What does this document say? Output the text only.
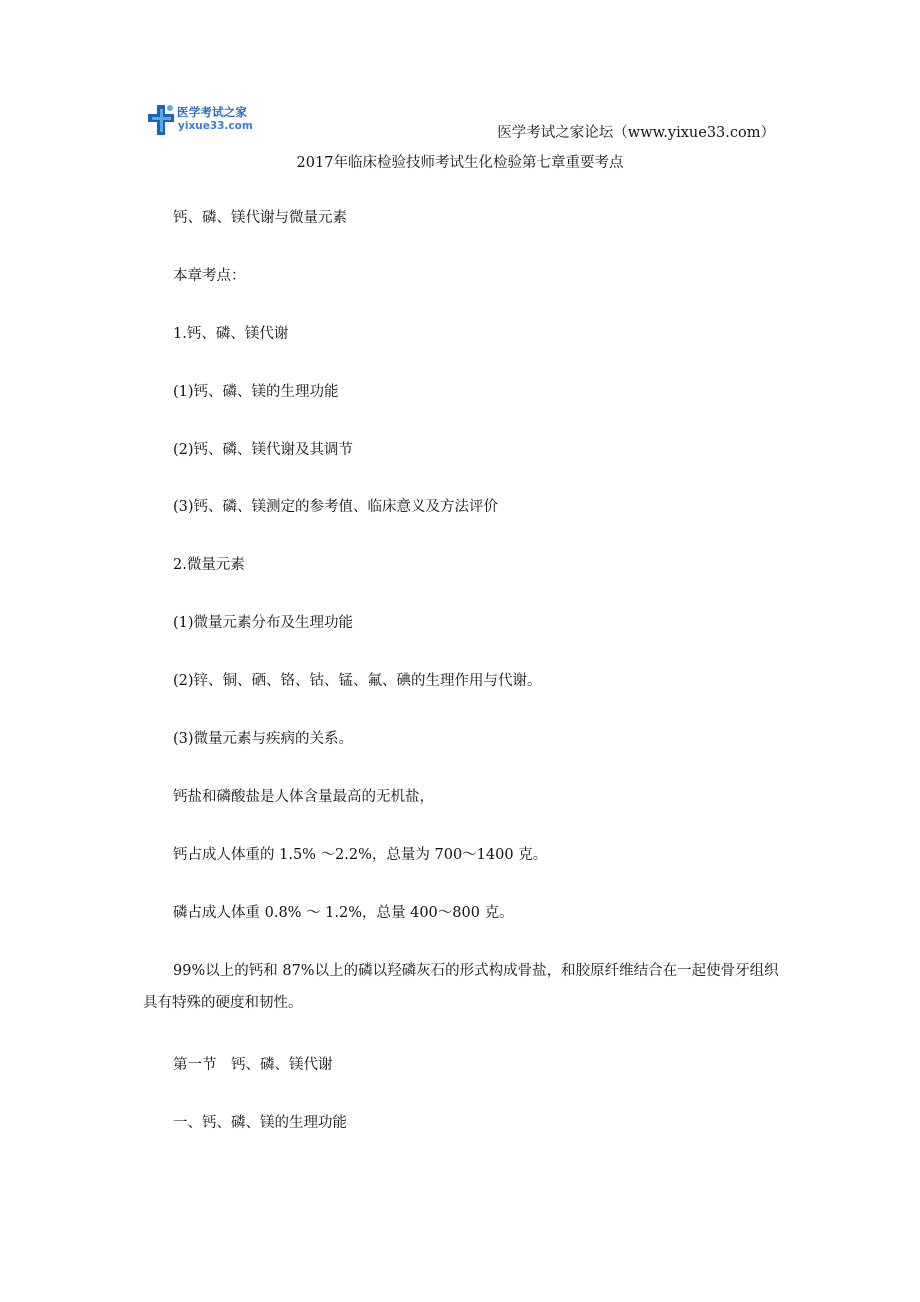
医学考试之家
yixue33.com	医学考试之家论坛（www.yixue33.com）
2017年临床检验技师考试生化检验第七章重要考点
钙、磷、镁代谢与微量元素
本章考点：
1.钙、磷、镁代谢
(1)钙、磷、镁的生理功能
(2)钙、磷、镁代谢及其调节
(3)钙、磷、镁测定的参考值、临床意义及方法评价
2.微量元素
(1)微量元素分布及生理功能
(2)锌、铜、硒、铬、钴、锰、氟、碘的生理作用与代谢。
(3)微量元素与疾病的关系。
钙盐和磷酸盐是人体含量最高的无机盐，
钙占成人体重的 1.5% ～2.2%，总量为 700～1400 克。
磷占成人体重 0.8% ～ 1.2%，总量 400～800 克。
99%以上的钙和 87%以上的磷以羟磷灰石的形式构成骨盐，和胶原纤维结合在一起使骨牙组织具有特殊的硬度和韧性。
第一节　钙、磷、镁代谢
一、钙、磷、镁的生理功能
